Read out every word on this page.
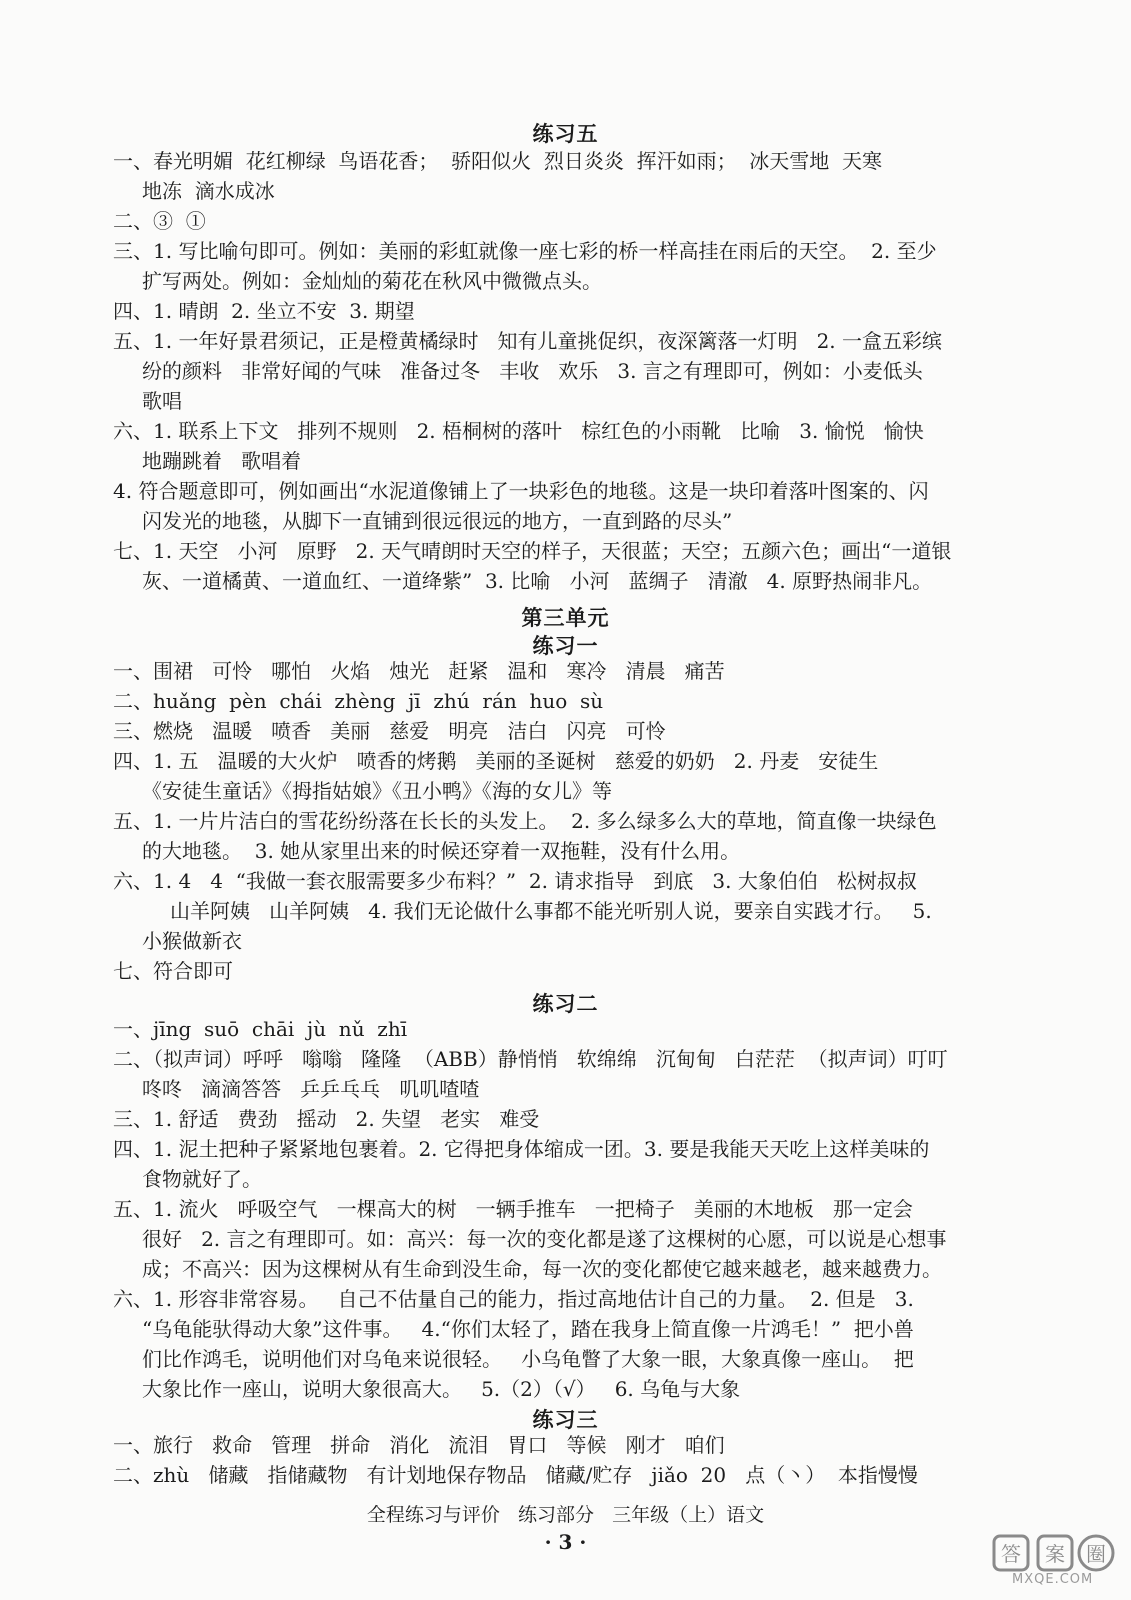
练习五
一、春光明媚  花红柳绿  鸟语花香；  骄阳似火  烈日炎炎  挥汗如雨；  冰天雪地  天寒
地冻  滴水成冰
二、③  ①
三、1. 写比喻句即可。例如：美丽的彩虹就像一座七彩的桥一样高挂在雨后的天空。  2. 至少
扩写两处。例如：金灿灿的菊花在秋风中微微点头。
四、1. 晴朗  2. 坐立不安  3. 期望
五、1. 一年好景君须记，正是橙黄橘绿时   知有儿童挑促织，夜深篱落一灯明   2. 一盒五彩缤
纷的颜料   非常好闻的气味   准备过冬   丰收   欢乐   3. 言之有理即可，例如：小麦低头
歌唱
六、1. 联系上下文   排列不规则   2. 梧桐树的落叶   棕红色的小雨靴   比喻   3. 愉悦   愉快
地蹦跳着   歌唱着
4. 符合题意即可，例如画出“水泥道像铺上了一块彩色的地毯。这是一块印着落叶图案的、闪
闪发光的地毯，从脚下一直铺到很远很远的地方，一直到路的尽头”
七、1. 天空   小河   原野   2. 天气晴朗时天空的样子，天很蓝；天空；五颜六色；画出“一道银
灰、一道橘黄、一道血红、一道绛紫”  3. 比喻   小河   蓝绸子   清澈   4. 原野热闹非凡。
第三单元
练习一
一、围裙   可怜   哪怕   火焰   烛光   赶紧   温和   寒冷   清晨   痛苦
二、huǎng  pèn  chái  zhèng  jī  zhú  rán  huo  sù
三、燃烧   温暖   喷香   美丽   慈爱   明亮   洁白   闪亮   可怜
四、1. 五   温暖的大火炉   喷香的烤鹅   美丽的圣诞树   慈爱的奶奶   2. 丹麦   安徒生
《安徒生童话》《拇指姑娘》《丑小鸭》《海的女儿》等
五、1. 一片片洁白的雪花纷纷落在长长的头发上。  2. 多么绿多么大的草地，简直像一块绿色
的大地毯。  3. 她从家里出来的时候还穿着一双拖鞋，没有什么用。
六、1. 4   4  “我做一套衣服需要多少布料？”  2. 请求指导   到底   3. 大象伯伯   松树叔叔
山羊阿姨   山羊阿姨   4. 我们无论做什么事都不能光听别人说，要亲自实践才行。   5.
小猴做新衣
七、符合即可
练习二
一、jīng  suō  chāi  jù  nǔ  zhī
二、（拟声词）呼呼   嗡嗡   隆隆  （ABB）静悄悄   软绵绵   沉甸甸   白茫茫  （拟声词）叮叮
咚咚   滴滴答答   乒乒乓乓   叽叽喳喳
三、1. 舒适   费劲   摇动   2. 失望   老实   难受
四、1. 泥土把种子紧紧地包裹着。2. 它得把身体缩成一团。3. 要是我能天天吃上这样美味的
食物就好了。
五、1. 流火   呼吸空气   一棵高大的树   一辆手推车   一把椅子   美丽的木地板   那一定会
很好   2. 言之有理即可。如：高兴：每一次的变化都是遂了这棵树的心愿，可以说是心想事
成；不高兴：因为这棵树从有生命到没生命，每一次的变化都使它越来越老，越来越费力。
六、1. 形容非常容易。   自己不估量自己的能力，指过高地估计自己的力量。  2. 但是   3.
“乌龟能驮得动大象”这件事。   4.“你们太轻了，踏在我身上简直像一片鸿毛！”  把小兽
们比作鸿毛，说明他们对乌龟来说很轻。   小乌龟瞥了大象一眼，大象真像一座山。  把
大象比作一座山，说明大象很高大。   5.（2）（√）   6. 乌龟与大象
练习三
一、旅行   救命   管理   拼命   消化   流泪   胃口   等候   刚才   咱们
二、zhù   储藏   指储藏物   有计划地保存物品   储藏/贮存   jiǎo  20   点（丶）  本指慢慢
全程练习与评价   练习部分   三年级（上）语文
· 3 ·	答 案 圈
MXQE.COM
